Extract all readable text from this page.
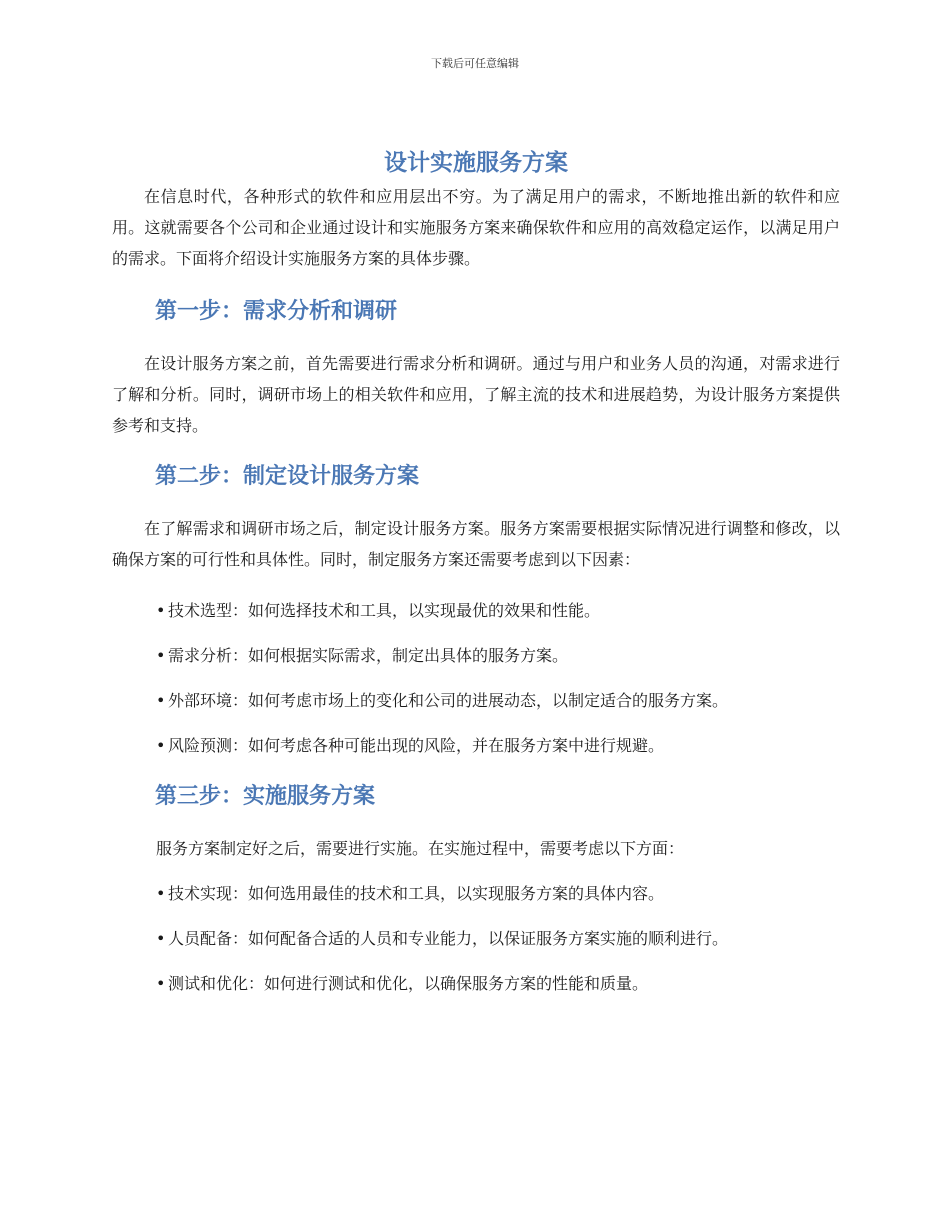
下载后可任意编辑
设计实施服务方案

在信息时代，各种形式的软件和应用层出不穷。为了满足用户的需求，不断地推出新的软件和应用。这就需要各个公司和企业通过设计和实施服务方案来确保软件和应用的高效稳定运作，以满足用户的需求。下面将介绍设计实施服务方案的具体步骤。

第一步：需求分析和调研

在设计服务方案之前，首先需要进行需求分析和调研。通过与用户和业务人员的沟通，对需求进行了解和分析。同时，调研市场上的相关软件和应用，了解主流的技术和进展趋势，为设计服务方案提供参考和支持。

第二步：制定设计服务方案

在了解需求和调研市场之后，制定设计服务方案。服务方案需要根据实际情况进行调整和修改，以确保方案的可行性和具体性。同时，制定服务方案还需要考虑到以下因素：

• 技术选型：如何选择技术和工具，以实现最优的效果和性能。
• 需求分析：如何根据实际需求，制定出具体的服务方案。
• 外部环境：如何考虑市场上的变化和公司的进展动态，以制定适合的服务方案。
• 风险预测：如何考虑各种可能出现的风险，并在服务方案中进行规避。
第三步：实施服务方案

服务方案制定好之后，需要进行实施。在实施过程中，需要考虑以下方面：

• 技术实现：如何选用最佳的技术和工具，以实现服务方案的具体内容。
• 人员配备：如何配备合适的人员和专业能力，以保证服务方案实施的顺利进行。
• 测试和优化：如何进行测试和优化，以确保服务方案的性能和质量。
